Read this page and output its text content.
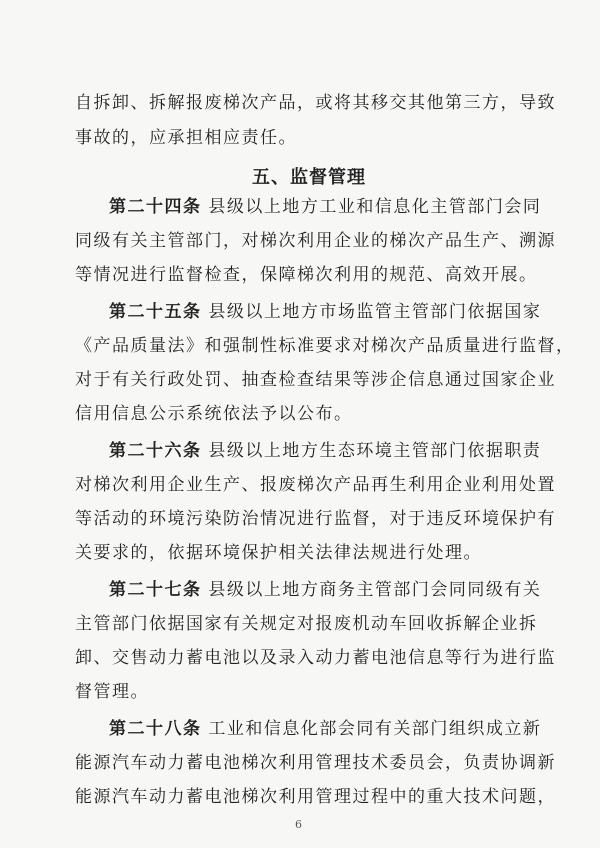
自拆卸、拆解报废梯次产品，或将其移交其他第三方，导致
事故的，应承担相应责任。
五、监督管理
第二十四条 县级以上地方工业和信息化主管部门会同
同级有关主管部门，对梯次利用企业的梯次产品生产、溯源
等情况进行监督检查，保障梯次利用的规范、高效开展。
第二十五条 县级以上地方市场监管主管部门依据国家
《产品质量法》和强制性标准要求对梯次产品质量进行监督，
对于有关行政处罚、抽查检查结果等涉企信息通过国家企业
信用信息公示系统依法予以公布。
第二十六条 县级以上地方生态环境主管部门依据职责
对梯次利用企业生产、报废梯次产品再生利用企业利用处置
等活动的环境污染防治情况进行监督，对于违反环境保护有
关要求的，依据环境保护相关法律法规进行处理。
第二十七条 县级以上地方商务主管部门会同同级有关
主管部门依据国家有关规定对报废机动车回收拆解企业拆
卸、交售动力蓄电池以及录入动力蓄电池信息等行为进行监
督管理。
第二十八条 工业和信息化部会同有关部门组织成立新
能源汽车动力蓄电池梯次利用管理技术委员会，负责协调新
能源汽车动力蓄电池梯次利用管理过程中的重大技术问题，
6
